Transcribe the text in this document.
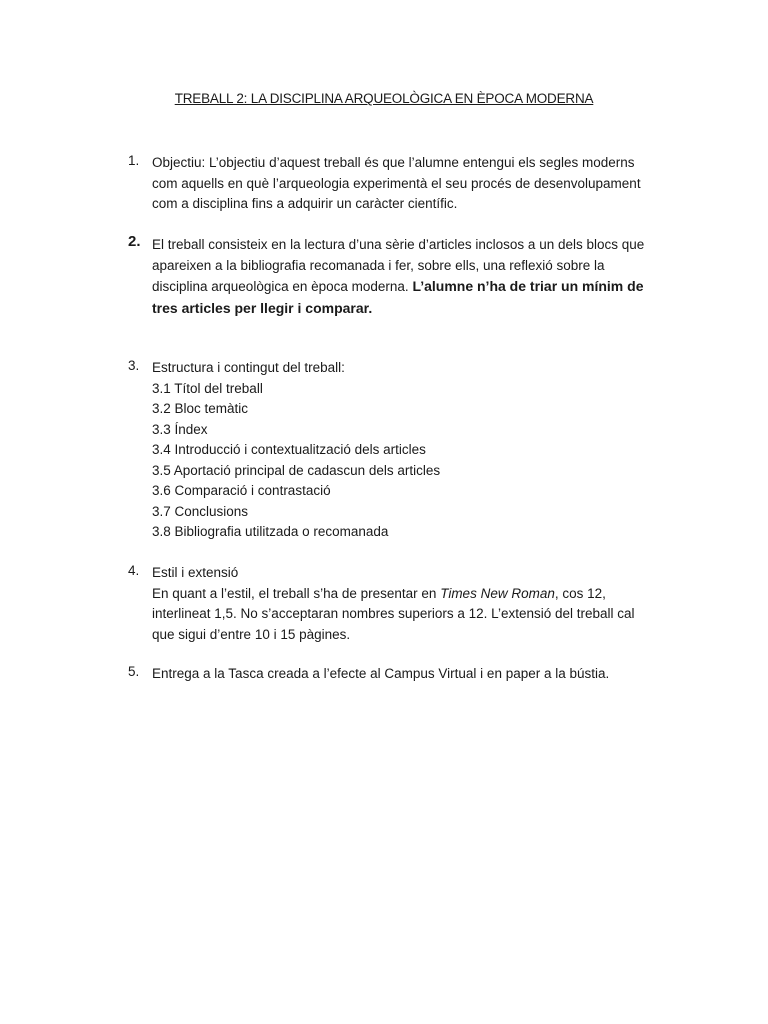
TREBALL 2: LA DISCIPLINA ARQUEOLÒGICA EN ÈPOCA MODERNA
1. Objectiu: L’objectiu d’aquest treball és que l’alumne entengui els segles moderns
com aquells en què l’arqueologia experimentà el seu procés de desenvolupament
com a disciplina fins a adquirir un caràcter científic.
2. El treball consisteix en la lectura d’una sèrie d’articles inclosos a un dels blocs que
apareixen a la bibliografia recomanada i fer, sobre ells, una reflexió sobre la
disciplina arqueològica en època moderna. L’alumne n’ha de triar un mínim de
tres articles per llegir i comparar.
3. Estructura i contingut del treball:
3.1 Títol del treball
3.2 Bloc temàtic
3.3 Índex
3.4 Introducció i contextualització dels articles
3.5 Aportació principal de cadascun dels articles
3.6 Comparació i contrastació
3.7 Conclusions
3.8 Bibliografia utilitzada o recomanada
4. Estil i extensió
En quant a l’estil, el treball s’ha de presentar en Times New Roman, cos 12,
interlineat 1,5. No s’acceptaran nombres superiors a 12. L’extensió del treball cal
que sigui d’entre 10 i 15 pàgines.
5. Entrega a la Tasca creada a l’efecte al Campus Virtual i en paper a la bústia.
